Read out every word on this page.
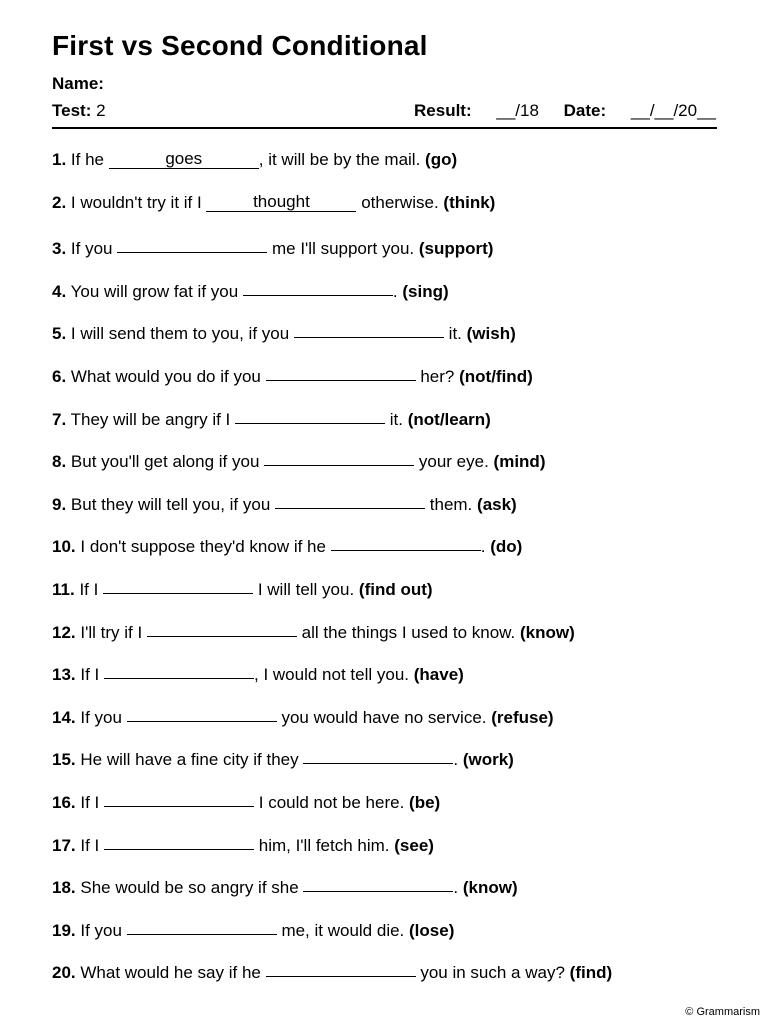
First vs Second Conditional
Name:
Test: 2	Result: __/18 Date: __/__/20__
1. If he	goes	, it will be by the mail. (go)
2. I wouldn't try it if I	thought	otherwise. (think)
3. If you	me I'll support you. (support)
4. You will grow fat if you	. (sing)
5. I will send them to you, if you	it. (wish)
6. What would you do if you	her? (not/find)
7. They will be angry if I	it. (not/learn)
8. But you'll get along if you	your eye. (mind)
9. But they will tell you, if you	them. (ask)
10. I don't suppose they'd know if he	. (do)
11. If I	I will tell you. (find out)
12. I'll try if I	all the things I used to know. (know)
13. If I	, I would not tell you. (have)
14. If you	you would have no service. (refuse)
15. He will have a fine city if they	. (work)
16. If I	I could not be here. (be)
17. If I	him, I'll fetch him. (see)
18. She would be so angry if she	. (know)
19. If you	me, it would die. (lose)
20. What would he say if he	you in such a way? (find)
© Grammarism
